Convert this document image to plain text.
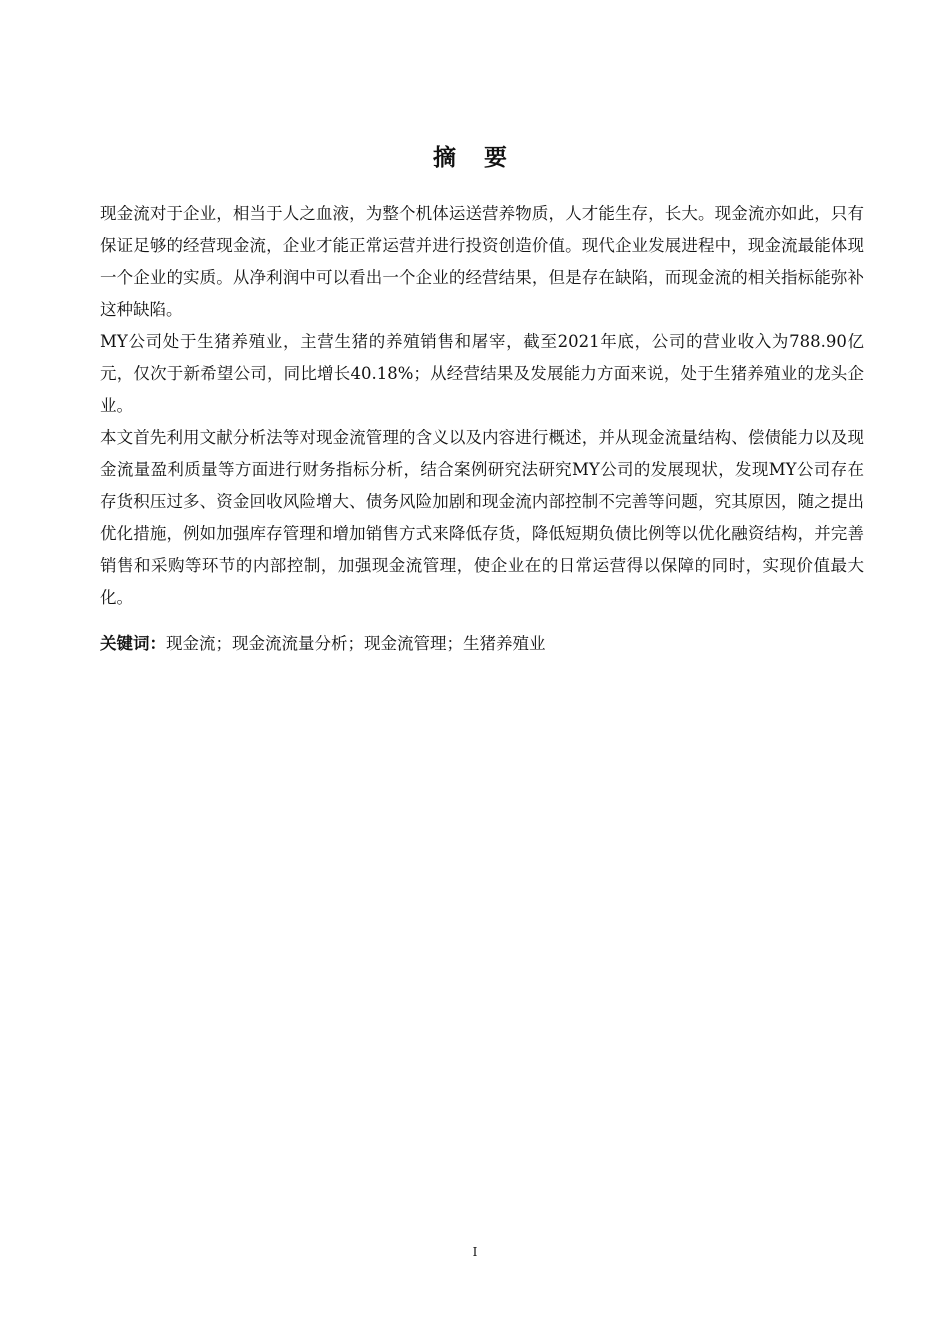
摘 要

现金流对于企业，相当于人之血液，为整个机体运送营养物质，人才能生存，长大。现金流亦如此，只有保证足够的经营现金流，企业才能正常运营并进行投资创造价值。现代企业发展进程中，现金流最能体现一个企业的实质。从净利润中可以看出一个企业的经营结果，但是存在缺陷，而现金流的相关指标能弥补这种缺陷。

MY公司处于生猪养殖业，主营生猪的养殖销售和屠宰，截至2021年底，公司的营业收入为788.90亿元，仅次于新希望公司，同比增长40.18%；从经营结果及发展能力方面来说，处于生猪养殖业的龙头企业。

本文首先利用文献分析法等对现金流管理的含义以及内容进行概述，并从现金流量结构、偿债能力以及现金流量盈利质量等方面进行财务指标分析，结合案例研究法研究MY公司的发展现状，发现MY公司存在存货积压过多、资金回收风险增大、债务风险加剧和现金流内部控制不完善等问题，究其原因，随之提出优化措施，例如加强库存管理和增加销售方式来降低存货，降低短期负债比例等以优化融资结构，并完善销售和采购等环节的内部控制，加强现金流管理，使企业在的日常运营得以保障的同时，实现价值最大化。

关键词：现金流；现金流流量分析；现金流管理；生猪养殖业
I
